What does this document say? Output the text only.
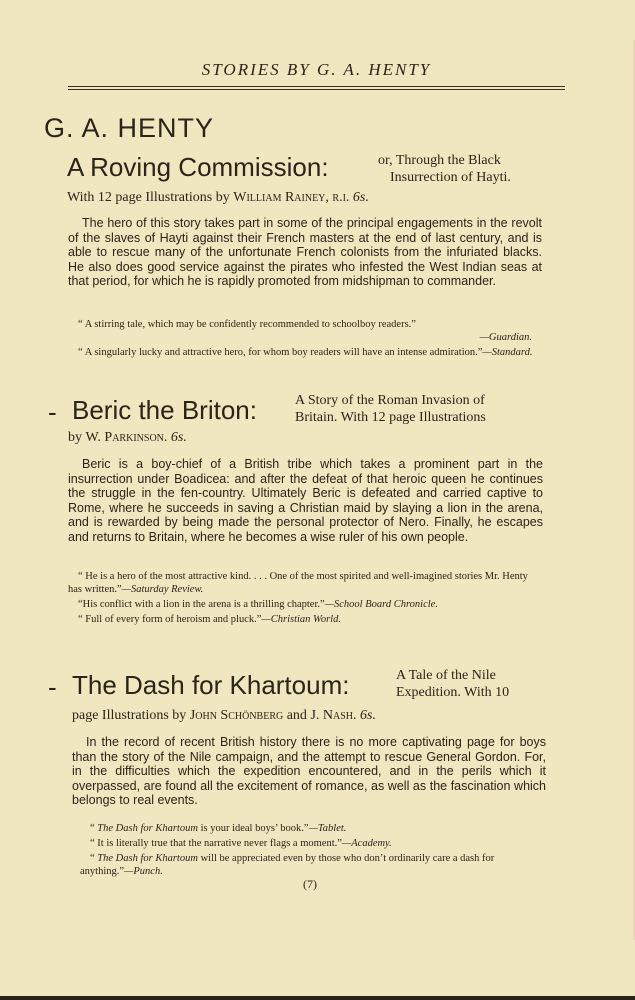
STORIES BY G. A. HENTY
G. A. HENTY
A Roving Commission:	or, Through the Black
Insurrection of Hayti.
With 12 page Illustrations by William Rainey, r.i. 6s.
The hero of this story takes part in some of the principal engagements in the revolt of the slaves of Hayti against their French masters at the end of last century, and is able to rescue many of the unfortunate French colonists from the infuriated blacks. He also does good service against the pirates who infested the West Indian seas at that period, for which he is rapidly promoted from midshipman to commander.
“ A stirring tale, which may be confidently recommended to schoolboy readers.”
—Guardian.
“ A singularly lucky and attractive hero, for whom boy readers will have an intense admiration.”—Standard.
- Beric the Briton:	A Story of the Roman Invasion of
Britain. With 12 page Illustrations
by W. Parkinson. 6s.
Beric is a boy-chief of a British tribe which takes a prominent part in the insurrection under Boadicea: and after the defeat of that heroic queen he continues the struggle in the fen-country. Ultimately Beric is defeated and carried captive to Rome, where he succeeds in saving a Christian maid by slaying a lion in the arena, and is rewarded by being made the personal protector of Nero. Finally, he escapes and returns to Britain, where he becomes a wise ruler of his own people.
“ He is a hero of the most attractive kind. . . . One of the most spirited and well-imagined stories Mr. Henty has written.”—Saturday Review.
“His conflict with a lion in the arena is a thrilling chapter.”—School Board Chronicle.
“ Full of every form of heroism and pluck.”—Christian World.
- The Dash for Khartoum:	A Tale of the Nile
Expedition. With 10
page Illustrations by John Schönberg and J. Nash. 6s.
In the record of recent British history there is no more captivating page for boys than the story of the Nile campaign, and the attempt to rescue General Gordon. For, in the difficulties which the expedition encountered, and in the perils which it overpassed, are found all the excitement of romance, as well as the fascination which belongs to real events.
“ The Dash for Khartoum is your ideal boys’ book.”—Tablet.
“ It is literally true that the narrative never flags a moment.”—Academy.
“ The Dash for Khartoum will be appreciated even by those who don’t ordinarily care a dash for anything.”—Punch.
(7)
